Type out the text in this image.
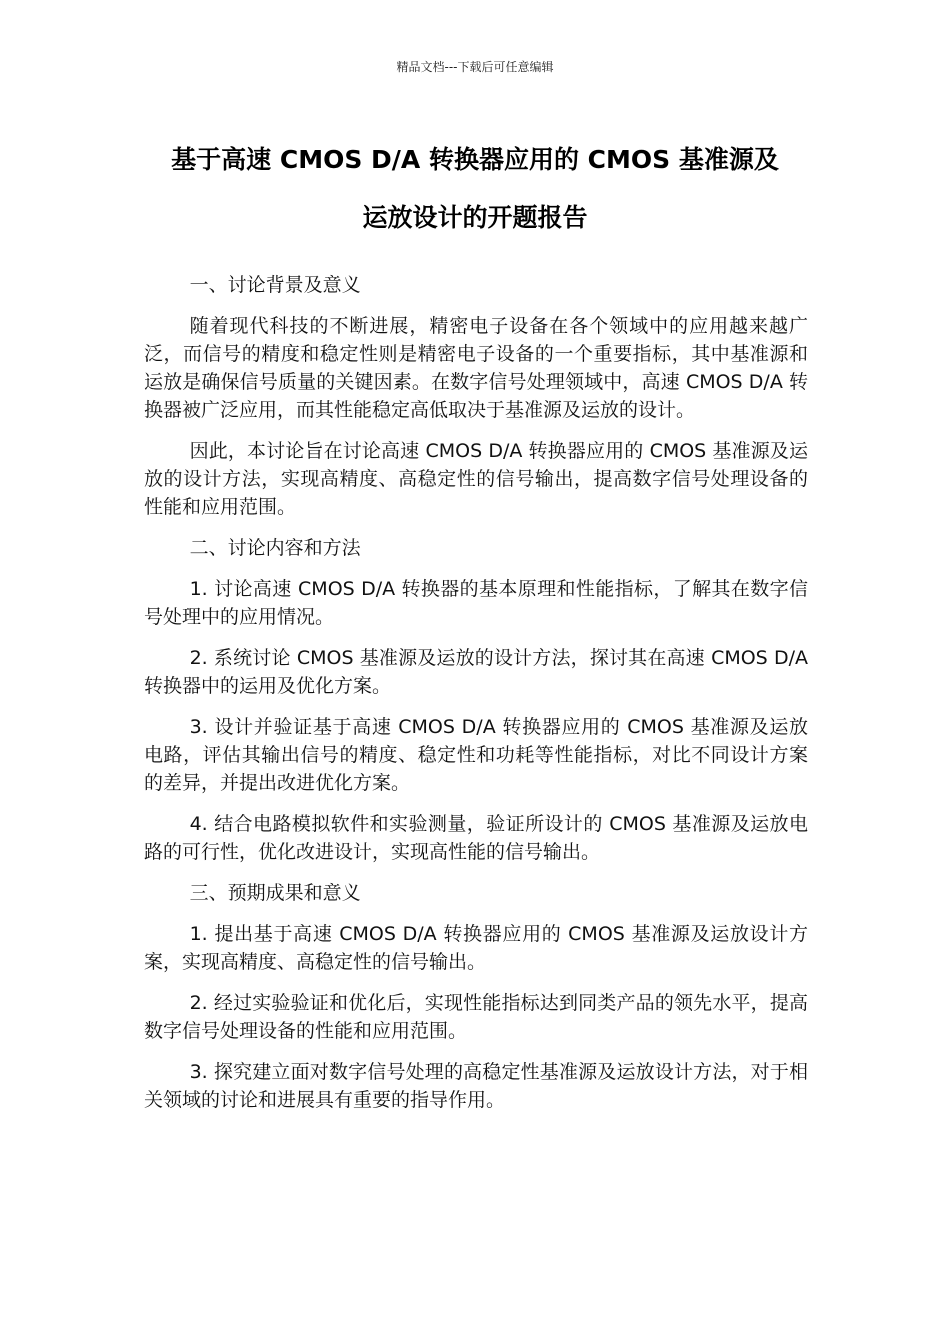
精品文档---下载后可任意编辑
基于高速 CMOS D/A 转换器应用的 CMOS 基准源及
运放设计的开题报告

一、讨论背景及意义

随着现代科技的不断进展，精密电子设备在各个领域中的应用越来越广泛，而信号的精度和稳定性则是精密电子设备的一个重要指标，其中基准源和运放是确保信号质量的关键因素。在数字信号处理领域中，高速 CMOS D/A 转换器被广泛应用，而其性能稳定高低取决于基准源及运放的设计。

因此，本讨论旨在讨论高速 CMOS D/A 转换器应用的 CMOS 基准源及运放的设计方法，实现高精度、高稳定性的信号输出，提高数字信号处理设备的性能和应用范围。

二、讨论内容和方法

1. 讨论高速 CMOS D/A 转换器的基本原理和性能指标，了解其在数字信号处理中的应用情况。

2. 系统讨论 CMOS 基准源及运放的设计方法，探讨其在高速 CMOS D/A 转换器中的运用及优化方案。

3. 设计并验证基于高速 CMOS D/A 转换器应用的 CMOS 基准源及运放电路，评估其输出信号的精度、稳定性和功耗等性能指标，对比不同设计方案的差异，并提出改进优化方案。

4. 结合电路模拟软件和实验测量，验证所设计的 CMOS 基准源及运放电路的可行性，优化改进设计，实现高性能的信号输出。

三、预期成果和意义

1. 提出基于高速 CMOS D/A 转换器应用的 CMOS 基准源及运放设计方案，实现高精度、高稳定性的信号输出。

2. 经过实验验证和优化后，实现性能指标达到同类产品的领先水平，提高数字信号处理设备的性能和应用范围。

3. 探究建立面对数字信号处理的高稳定性基准源及运放设计方法，对于相关领域的讨论和进展具有重要的指导作用。
